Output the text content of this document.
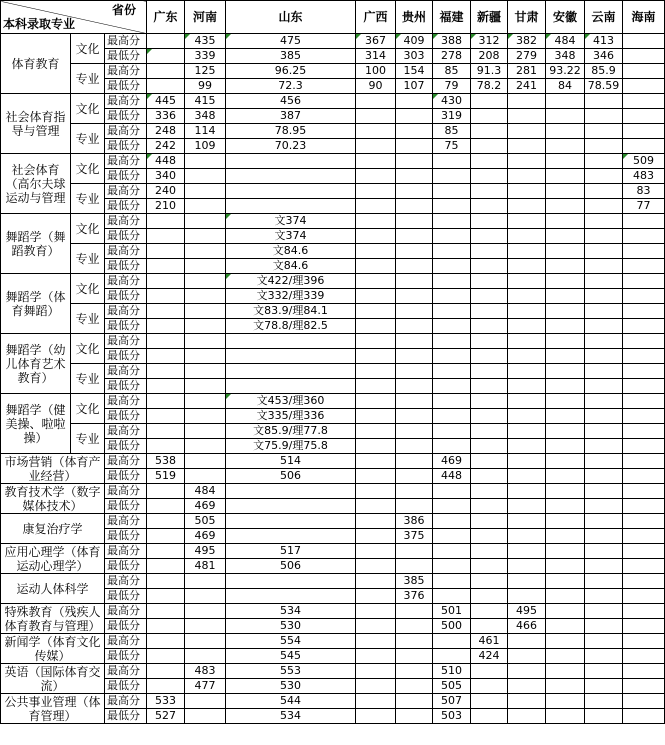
省份
本科录取专业			广东	河南	山东	广西	贵州	福建	新疆	甘肃	安徽	云南	海南
体育教育	文化	最高分		435	475	367	409	388	312	382	484	413	
		最低分		339	385	314	303	278	208	279	348	346	
	专业	最高分		125	96.25	100	154	85	91.3	281	93.22	85.9	
		最低分		99	72.3	90	107	79	78.2	241	84	78.59	
社会体育指导与管理	文化	最高分	445	415	456			430					
		最低分	336	348	387			319					
	专业	最高分	248	114	78.95			85					
		最低分	242	109	70.23			75					
社会体育（高尔夫球运动与管理	文化	最高分	448										509
		最低分	340										483
	专业	最高分	240										83
		最低分	210										77
舞蹈学（舞蹈教育）	文化	最高分			文374								
		最低分			文374								
	专业	最高分			文84.6								
		最低分			文84.6								
舞蹈学（体育舞蹈）	文化	最高分			文422/理396								
		最低分			文332/理339								
	专业	最高分			文83.9/理84.1								
		最低分			文78.8/理82.5								
舞蹈学（幼儿体育艺术教育）	文化	最高分											
		最低分											
	专业	最高分											
		最低分											
舞蹈学（健美操、啦啦操）	文化	最高分			文453/理360								
		最低分			文335/理336								
	专业	最高分			文85.9/理77.8								
		最低分			文75.9/理75.8								
市场营销（体育产业经营）		最高分	538		514			469					
		最低分	519		506			448					
教育技术学（数字媒体技术）		最高分		484									
		最低分		469									
康复治疗学		最高分		505			386						
		最低分		469			375						
应用心理学（体育运动心理学）		最高分		495	517								
		最低分		481	506								
运动人体科学		最高分					385						
		最低分					376						
特殊教育（残疾人体育教育与管理）		最高分			534			501		495			
		最低分			530			500		466			
新闻学（体育文化传媒）		最高分			554				461				
		最低分			545				424				
英语（国际体育交流）		最高分		483	553			510					
		最低分		477	530			505					
公共事业管理（体育管理）		最高分	533		544			507					
		最低分	527		534			503					
